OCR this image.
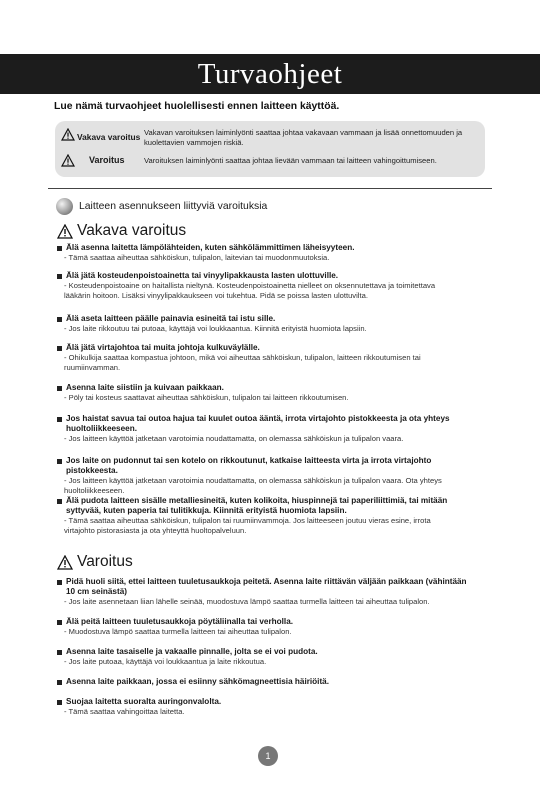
Turvaohjeet
Lue nämä turvaohjeet huolellisesti ennen laitteen käyttöä.
Vakava varoitus Vakavan varoituksen laiminlyönti saattaa johtaa vakavaan vammaan ja lisää onnettomuuden ja kuolettavien vammojen riskiä.
Varoitus	Varoituksen laiminlyönti saattaa johtaa lievään vammaan tai laitteen vahingoittumiseen.
Laitteen asennukseen liittyviä varoituksia
Vakava varoitus
Älä asenna laitetta lämpölähteiden, kuten sähkölämmittimen läheisyyteen.
- Tämä saattaa aiheuttaa sähköiskun, tulipalon, laitevian tai muodonmuutoksia.
Älä jätä kosteudenpoistoainetta tai vinyylipakkausta lasten ulottuville.
- Kosteudenpoistoaine on haitallista nieltynä. Kosteudenpoistoainetta nielleet on oksennutettava ja toimitettava
lääkärin hoitoon. Lisäksi vinyylipakkaukseen voi tukehtua. Pidä se poissa lasten ulottuvilta.
Älä aseta laitteen päälle painavia esineitä tai istu sille.
- Jos laite rikkoutuu tai putoaa, käyttäjä voi loukkaantua. Kiinnitä erityistä huomiota lapsiin.
Älä jätä virtajohtoa tai muita johtoja kulkuväylälle.
- Ohikulkija saattaa kompastua johtoon, mikä voi aiheuttaa sähköiskun, tulipalon, laitteen rikkoutumisen tai
ruumiinvamman.
Asenna laite siistiin ja kuivaan paikkaan.
- Pöly tai kosteus saattavat aiheuttaa sähköiskun, tulipalon tai laitteen rikkoutumisen.
Jos haistat savua tai outoa hajua tai kuulet outoa ääntä, irrota virtajohto pistokkeesta ja ota yhteys huoltoliikkeeseen.
- Jos laitteen käyttöä jatketaan varotoimia noudattamatta, on olemassa sähköiskun ja tulipalon vaara.
Jos laite on pudonnut tai sen kotelo on rikkoutunut, katkaise laitteesta virta ja irrota virtajohto pistokkeesta.
- Jos laitteen käyttöä jatketaan varotoimia noudattamatta, on olemassa sähköiskun ja tulipalon vaara. Ota yhteys
huoltoliikkeeseen.
Älä pudota laitteen sisälle metalliesineitä, kuten kolikoita, hiuspinnejä tai paperiliittimiä, tai mitään syttyvää, kuten paperia tai tulitikkuja. Kiinnitä erityistä huomiota lapsiin.
- Tämä saattaa aiheuttaa sähköiskun, tulipalon tai ruumiinvammoja. Jos laitteeseen joutuu vieras esine, irrota
virtajohto pistorasiasta ja ota yhteyttä huoltopalveluun.
Varoitus
Pidä huoli siitä, ettei laitteen tuuletusaukkoja peitetä. Asenna laite riittävän väljään paikkaan (vähintään 10 cm seinästä)
- Jos laite asennetaan liian lähelle seinää, muodostuva lämpö saattaa turmella laitteen tai aiheuttaa tulipalon.
Älä peitä laitteen tuuletusaukkoja pöytäliinalla tai verholla.
- Muodostuva lämpö saattaa turmella laitteen tai aiheuttaa tulipalon.
Asenna laite tasaiselle ja vakaalle pinnalle, jolta se ei voi pudota.
- Jos laite putoaa, käyttäjä voi loukkaantua ja laite rikkoutua.
Asenna laite paikkaan, jossa ei esiinny sähkömagneettisia häiriöitä.
Suojaa laitetta suoralta auringonvalolta.
- Tämä saattaa vahingoittaa laitetta.
1
